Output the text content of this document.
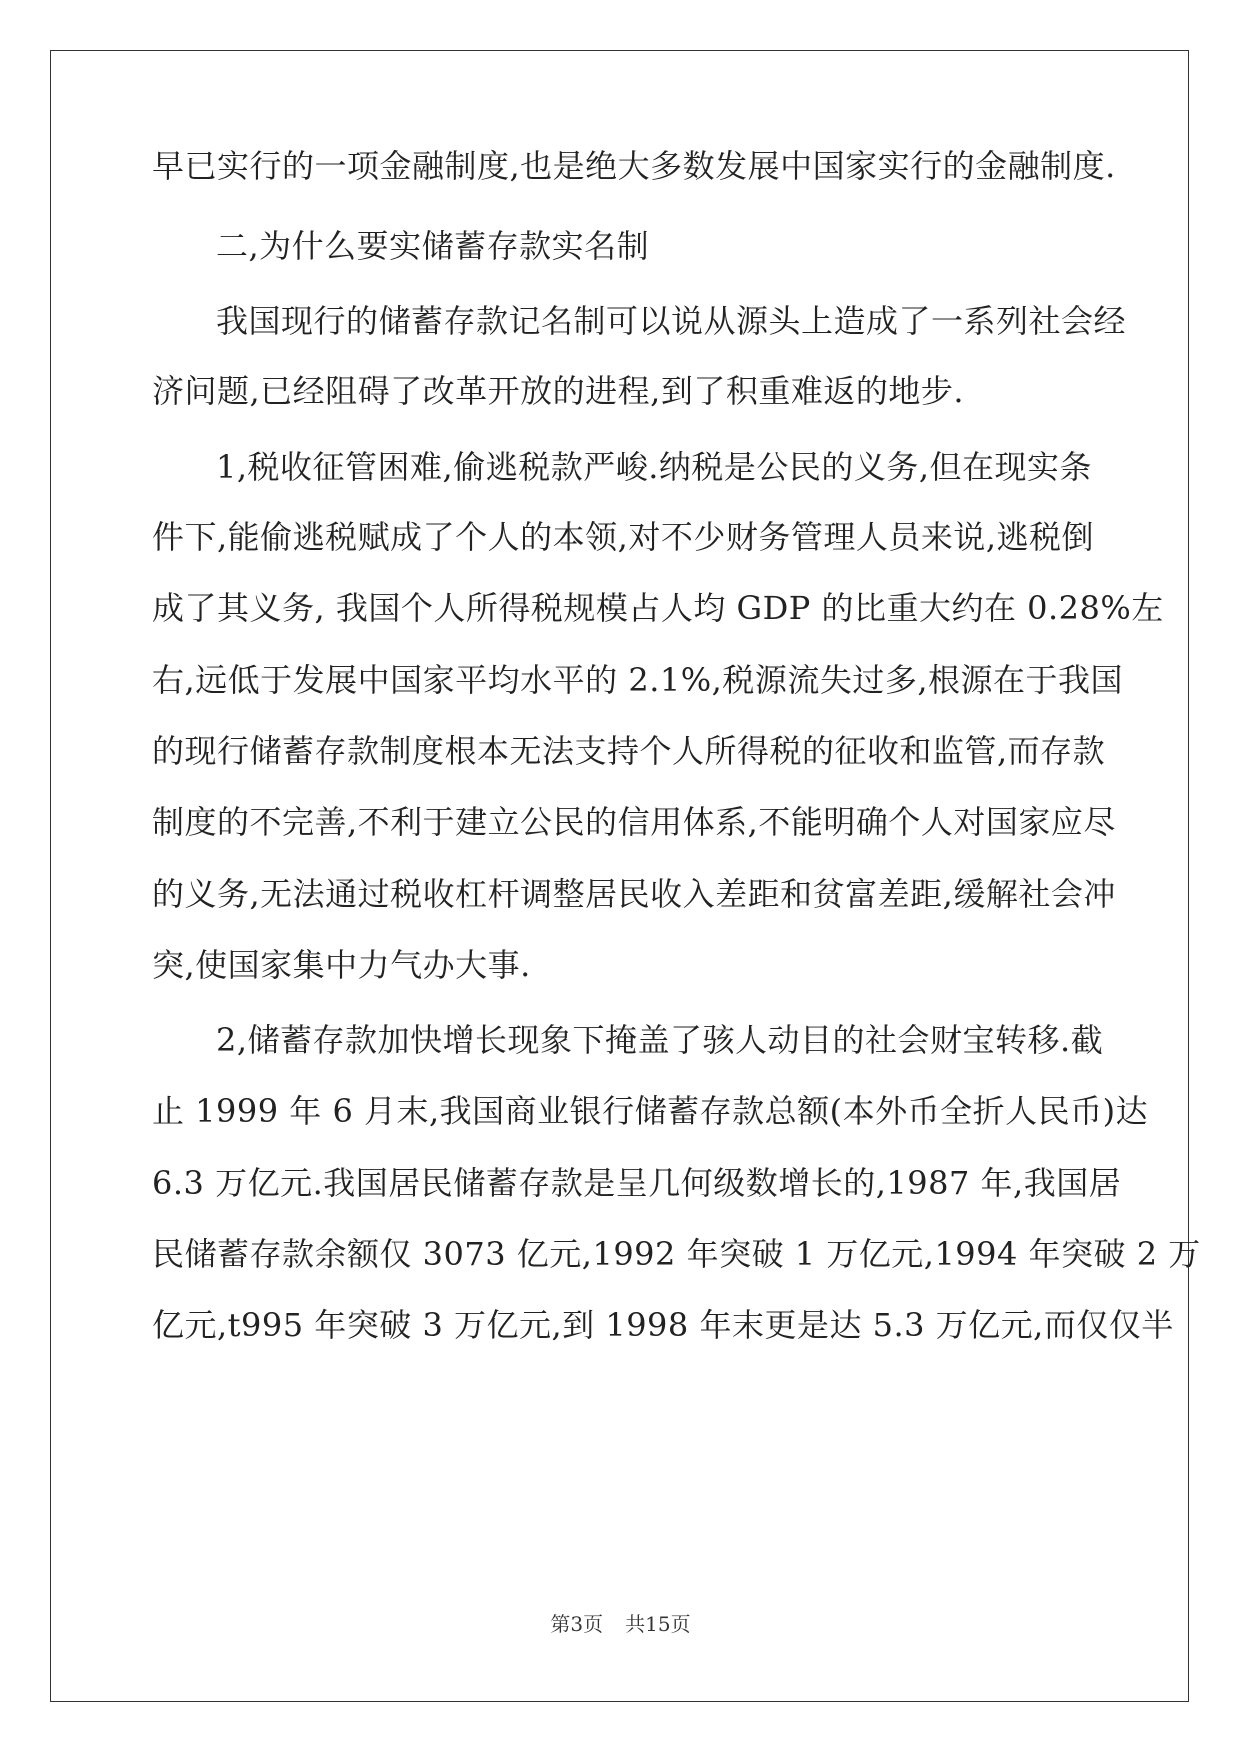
早已实行的一项金融制度,也是绝大多数发展中国家实行的金融制度.
二,为什么要实储蓄存款实名制
我国现行的储蓄存款记名制可以说从源头上造成了一系列社会经
济问题,已经阻碍了改革开放的进程,到了积重难返的地步.
1,税收征管困难,偷逃税款严峻.纳税是公民的义务,但在现实条
件下,能偷逃税赋成了个人的本领,对不少财务管理人员来说,逃税倒
成了其义务, 我国个人所得税规模占人均 GDP 的比重大约在 0.28%左
右,远低于发展中国家平均水平的 2.1%,税源流失过多,根源在于我国
的现行储蓄存款制度根本无法支持个人所得税的征收和监管,而存款
制度的不完善,不利于建立公民的信用体系,不能明确个人对国家应尽
的义务,无法通过税收杠杆调整居民收入差距和贫富差距,缓解社会冲
突,使国家集中力气办大事.
2,储蓄存款加快增长现象下掩盖了骇人动目的社会财宝转移.截
止 1999 年 6 月末,我国商业银行储蓄存款总额(本外币全折人民币)达
6.3 万亿元.我国居民储蓄存款是呈几何级数增长的,1987 年,我国居
民储蓄存款余额仅 3073 亿元,1992 年突破 1 万亿元,1994 年突破 2 万
亿元,t995 年突破 3 万亿元,到 1998 年末更是达 5.3 万亿元,而仅仅半
第3页 共15页
